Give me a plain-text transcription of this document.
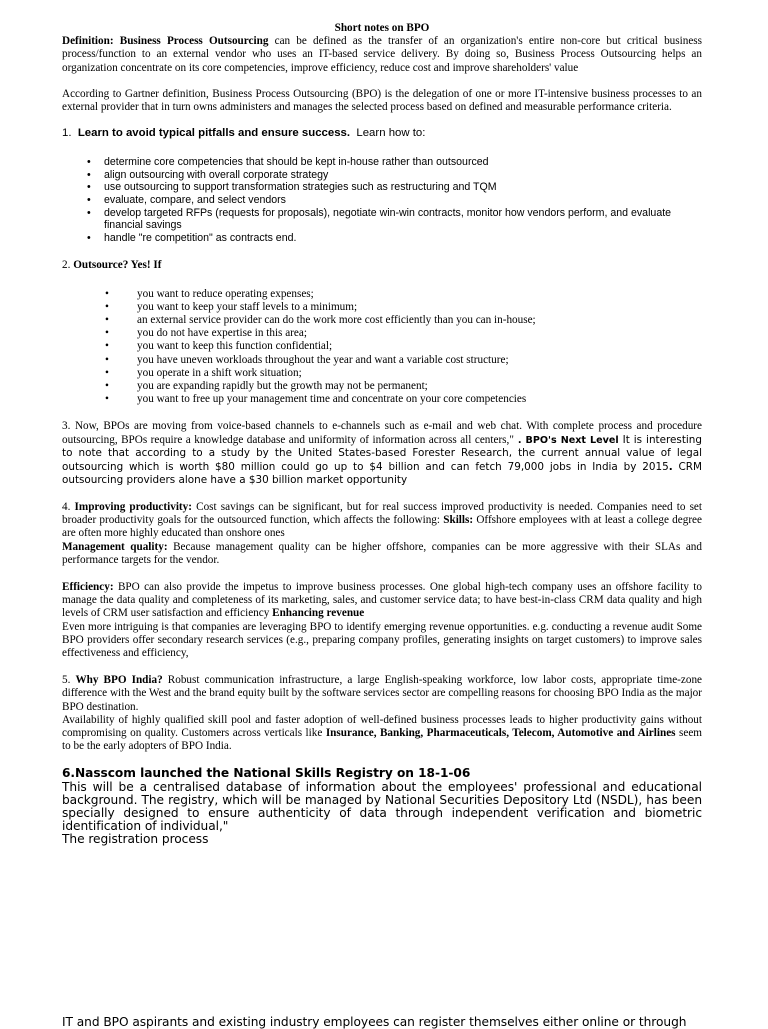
Short notes on BPO

Definition: Business Process Outsourcing can be defined as the transfer of an organization's entire non-core but critical business process/function to an external vendor who uses an IT-based service delivery. By doing so, Business Process Outsourcing helps an organization concentrate on its core competencies, improve efficiency, reduce cost and improve shareholders' value

According to Gartner definition, Business Process Outsourcing (BPO) is the delegation of one or more IT-intensive business processes to an external provider that in turn owns administers and manages the selected process based on defined and measurable performance criteria.

1. Learn to avoid typical pitfalls and ensure success. Learn how to:

• determine core competencies that should be kept in-house rather than outsourced
• align outsourcing with overall corporate strategy
• use outsourcing to support transformation strategies such as restructuring and TQM
• evaluate, compare, and select vendors
• develop targeted RFPs (requests for proposals), negotiate win-win contracts, monitor how vendors perform, and evaluate financial savings
• handle "re competition" as contracts end.

2. Outsource? Yes! If

• you want to reduce operating expenses;
• you want to keep your staff levels to a minimum;
• an external service provider can do the work more cost efficiently than you can in-house;
• you do not have expertise in this area;
• you want to keep this function confidential;
• you have uneven workloads throughout the year and want a variable cost structure;
• you operate in a shift work situation;
• you are expanding rapidly but the growth may not be permanent;
• you want to free up your management time and concentrate on your core competencies

3. Now, BPOs are moving from voice-based channels to e-channels such as e-mail and web chat. With complete process and procedure outsourcing, BPOs require a knowledge database and uniformity of information across all centers," . BPO's Next Level It is interesting to note that according to a study by the United States-based Forester Research, the current annual value of legal outsourcing which is worth $80 million could go up to $4 billion and can fetch 79,000 jobs in India by 2015. CRM outsourcing providers alone have a $30 billion market opportunity

4. Improving productivity: Cost savings can be significant, but for real success improved productivity is needed. Companies need to set broader productivity goals for the outsourced function, which affects the following: Skills: Offshore employees with at least a college degree are often more highly educated than onshore ones

Management quality: Because management quality can be higher offshore, companies can be more aggressive with their SLAs and performance targets for the vendor.

Efficiency: BPO can also provide the impetus to improve business processes. One global high-tech company uses an offshore facility to manage the data quality and completeness of its marketing, sales, and customer service data; to have best-in-class CRM data quality and high levels of CRM user satisfaction and efficiency Enhancing revenue

Even more intriguing is that companies are leveraging BPO to identify emerging revenue opportunities. e.g. conducting a revenue audit Some BPO providers offer secondary research services (e.g., preparing company profiles, generating insights on target customers) to improve sales effectiveness and efficiency,

5. Why BPO India? Robust communication infrastructure, a large English-speaking workforce, low labor costs, appropriate time-zone difference with the West and the brand equity built by the software services sector are compelling reasons for choosing BPO India as the major BPO destination.

Availability of highly qualified skill pool and faster adoption of well-defined business processes leads to higher productivity gains without compromising on quality. Customers across verticals like Insurance, Banking, Pharmaceuticals, Telecom, Automotive and Airlines seem to be the early adopters of BPO India.

6.Nasscom launched the National Skills Registry on 18-1-06

This will be a centralised database of information about the employees' professional and educational background. The registry, which will be managed by National Securities Depository Ltd (NSDL), has been specially designed to ensure authenticity of data through independent verification and biometric identification of individual,"

The registration process

IT and BPO aspirants and existing industry employees can register themselves either online or through
